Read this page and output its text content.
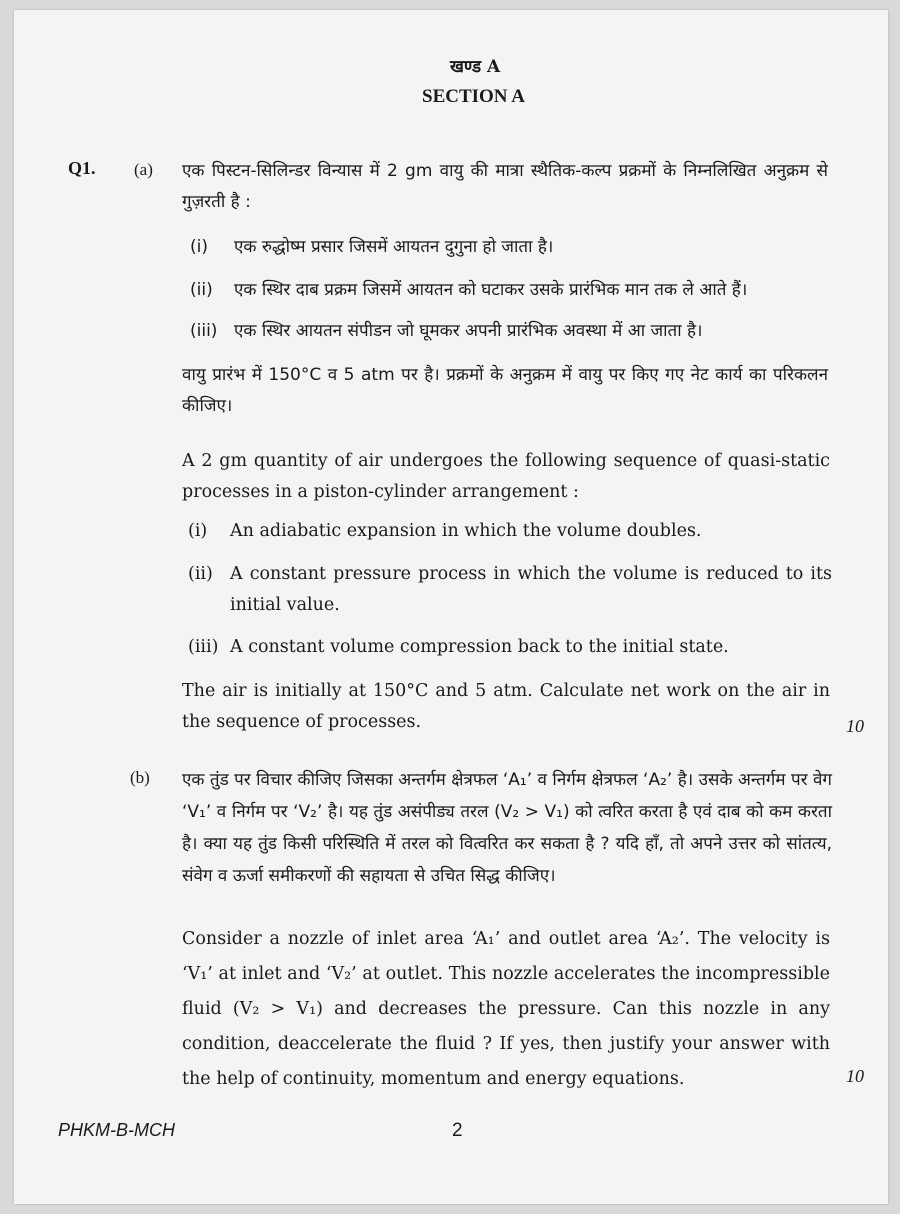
खण्ड A
SECTION A
Q1. (a) एक पिस्टन-सिलिन्डर विन्यास में 2 gm वायु की मात्रा स्थैतिक-कल्प प्रक्रमों के निम्नलिखित अनुक्रम से गुज़रती है :
(i) एक रुद्धोष्म प्रसार जिसमें आयतन दुगुना हो जाता है।
(ii) एक स्थिर दाब प्रक्रम जिसमें आयतन को घटाकर उसके प्रारंभिक मान तक ले आते हैं।
(iii) एक स्थिर आयतन संपीडन जो घूमकर अपनी प्रारंभिक अवस्था में आ जाता है।
वायु प्रारंभ में 150°C व 5 atm पर है। प्रक्रमों के अनुक्रम में वायु पर किए गए नेट कार्य का परिकलन कीजिए।
A 2 gm quantity of air undergoes the following sequence of quasi-static processes in a piston-cylinder arrangement :
(i) An adiabatic expansion in which the volume doubles.
(ii) A constant pressure process in which the volume is reduced to its initial value.
(iii) A constant volume compression back to the initial state.
The air is initially at 150°C and 5 atm. Calculate net work on the air in the sequence of processes.	10
(b) एक तुंड पर विचार कीजिए जिसका अन्तर्गम क्षेत्रफल ‘A₁’ व निर्गम क्षेत्रफल ‘A₂’ है। उसके अन्तर्गम पर वेग ‘V₁’ व निर्गम पर ‘V₂’ है। यह तुंड असंपीड्य तरल (V₂ > V₁) को त्वरित करता है एवं दाब को कम करता है। क्या यह तुंड किसी परिस्थिति में तरल को वित्वरित कर सकता है ? यदि हाँ, तो अपने उत्तर को सांतत्य, संवेग व ऊर्जा समीकरणों की सहायता से उचित सिद्ध कीजिए।
Consider a nozzle of inlet area ‘A₁’ and outlet area ‘A₂’. The velocity is ‘V₁’ at inlet and ‘V₂’ at outlet. This nozzle accelerates the incompressible fluid (V₂ > V₁) and decreases the pressure. Can this nozzle in any condition, deaccelerate the fluid ? If yes, then justify your answer with the help of continuity, momentum and energy equations.	10
PHKM-B-MCH	2
